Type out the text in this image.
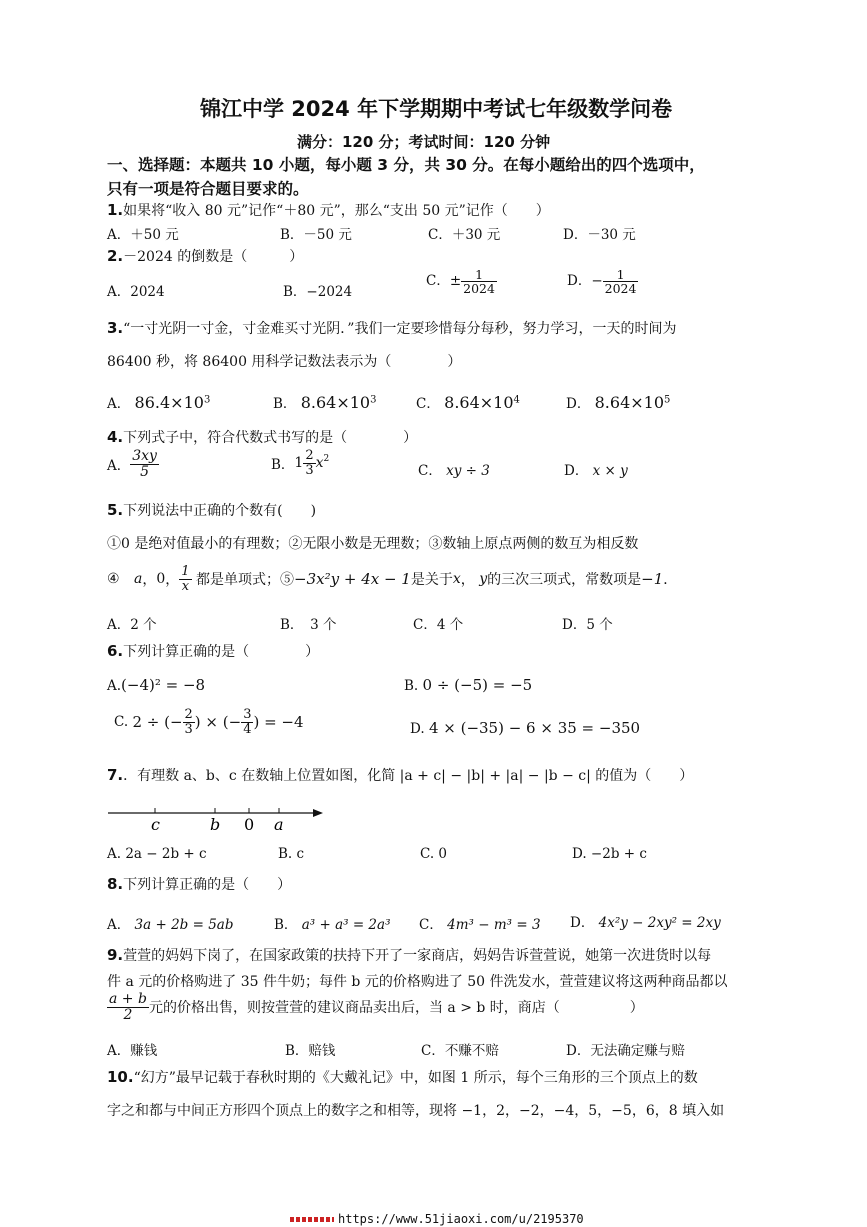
锦江中学 2024 年下学期期中考试七年级数学问卷
满分：120 分；考试时间：120 分钟
一、选择题：本题共 10 小题，每小题 3 分，共 30 分。在每小题给出的四个选项中，
只有一项是符合题目要求的。
1.如果将“收入 80 元”记作“＋80 元”，那么“支出 50 元”记作（　　）
A．＋50 元	B．－50 元	C．＋30 元	D．－30 元
2.－2024 的倒数是（　　　）
A．2024	B．−2024
C．± $\frac{1}{2024}$	D．− $\frac{1}{2024}$
3.“一寸光阴一寸金，寸金难买寸光阴．”我们一定要珍惜每分每秒，努力学习，一天的时间为
86400 秒，将 86400 用科学记数法表示为（　　　　）
A． $86.4\times 10^3$	B． $8.64\times 10^3$	C． $8.64\times 10^4$	D． $8.64\times 10^5$
4.下列式子中，符合代数式书写的是（　　　　）
A． $\frac{3xy}{5}$	B．$1 \frac{2}{3} x^2$
C． xy ÷ 3	D． x × y
5.下列说法中正确的个数有(　　)
①0 是绝对值最小的有理数；②无限小数是无理数；③数轴上原点两侧的数互为相反数
④ a，0， $\frac{1}{x}$ 都是单项式；⑤−3x²y + 4x − 1是关于x， y的三次三项式，常数项是−1．
A．2 个	B．　3 个	C．4 个	D．5 个
6.下列计算正确的是（　　　　）
A.(−4)² = −8	B. 0 ÷ (−5) = −5
C. 2 ÷ (− $\frac{2}{3}$ ) × (− $\frac{3}{4}$ ) = −4	D. 4 × (−35) − 6 × 35 = −350
7.．有理数 a、b、c 在数轴上位置如图，化简 |a + c| − |b| + |a| − |b − c| 的值为（　　）
c	b 0 a
A. 2a − 2b + c	B. c	C. 0	D. −2b + c
8.下列计算正确的是（　　）
A． 3a + 2b = 5ab	B． a³ + a³ = 2a³ C． 4m³ − m³ = 3 D． 4x²y − 2xy² = 2xy
9.萱萱的妈妈下岗了，在国家政策的扶持下开了一家商店，妈妈告诉萱萱说，她第一次进货时以每
件 a 元的价格购进了 35 件牛奶；每件 b 元的价格购进了 50 件洗发水，萱萱建议将这两种商品都以
$\frac{a + b}{2}$ 元的价格出售，则按萱萱的建议商品卖出后，当 a > b 时，商店（　　　　　）
A．赚钱	B．赔钱	C．不赚不赔	D．无法确定赚与赔
10.“幻方”最早记载于春秋时期的《大戴礼记》中，如图 1 所示，每个三角形的三个顶点上的数
字之和都与中间正方形四个顶点上的数字之和相等，现将 −1，2，−2，−4，5，−5，6，8 填入如
https://www.51jiaoxi.com/u/2195370
